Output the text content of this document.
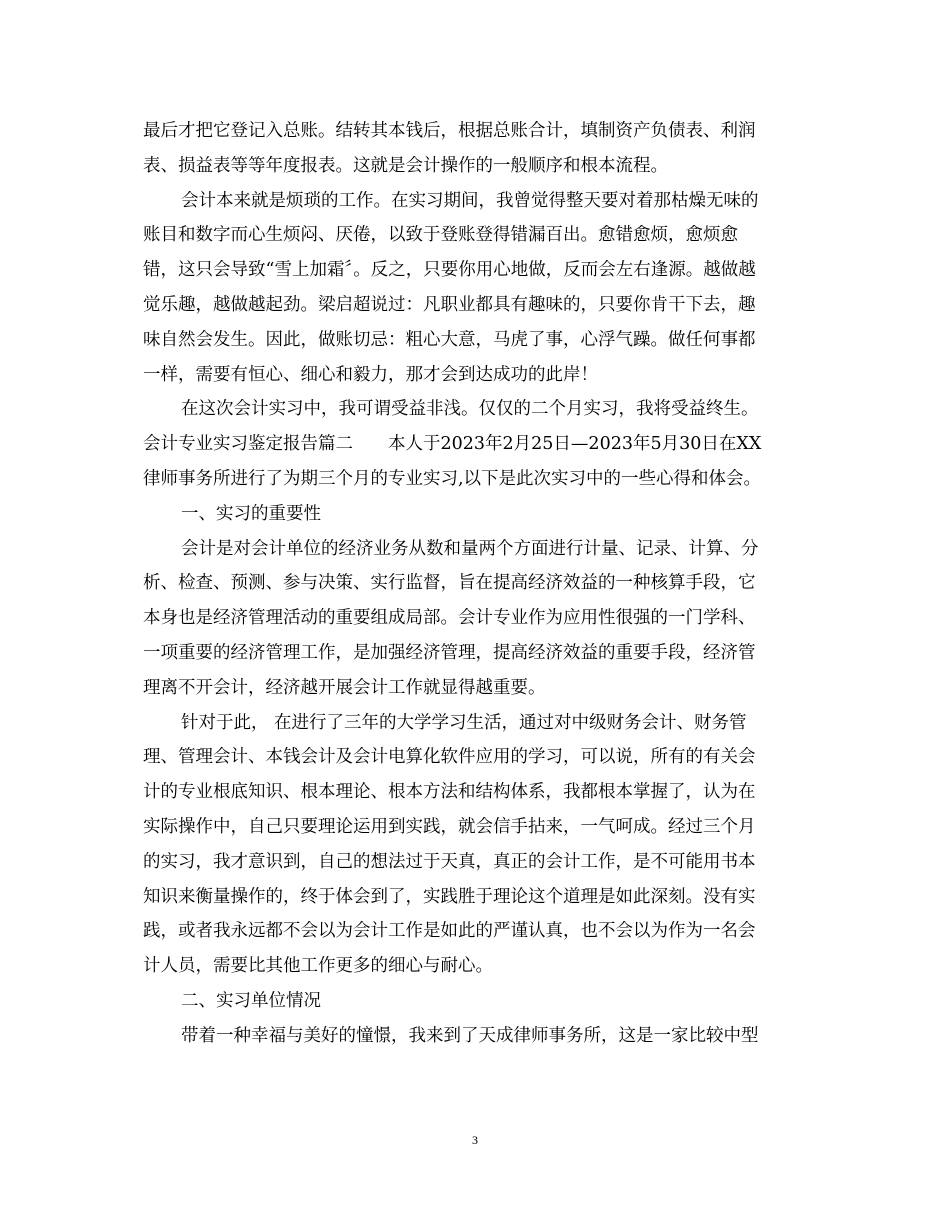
最后才把它登记入总账。结转其本钱后，根据总账合计，填制资产负债表、利润
表、损益表等等年度报表。这就是会计操作的一般顺序和根本流程。
会计本来就是烦琐的工作。在实习期间，我曾觉得整天要对着那枯燥无味的
账目和数字而心生烦闷、厌倦，以致于登账登得错漏百出。愈错愈烦，愈烦愈
错，这只会导致“雪上加霜〞。反之，只要你用心地做，反而会左右逢源。越做越
觉乐趣，越做越起劲。梁启超说过：凡职业都具有趣味的，只要你肯干下去，趣
味自然会发生。因此，做账切忌：粗心大意，马虎了事，心浮气躁。做任何事都
一样，需要有恒心、细心和毅力，那才会到达成功的此岸！
在这次会计实习中，我可谓受益非浅。仅仅的二个月实习，我将受益终生。
会计专业实习鉴定报告篇二　　本人于2023年2月25日—2023年5月30日在XX
律师事务所进行了为期三个月的专业实习,以下是此次实习中的一些心得和体会。
一、实习的重要性
会计是对会计单位的经济业务从数和量两个方面进行计量、记录、计算、分
析、检查、预测、参与决策、实行监督，旨在提高经济效益的一种核算手段，它
本身也是经济管理活动的重要组成局部。会计专业作为应用性很强的一门学科、
一项重要的经济管理工作，是加强经济管理，提高经济效益的重要手段，经济管
理离不开会计，经济越开展会计工作就显得越重要。
针对于此， 在进行了三年的大学学习生活，通过对中级财务会计、财务管
理、管理会计、本钱会计及会计电算化软件应用的学习，可以说，所有的有关会
计的专业根底知识、根本理论、根本方法和结构体系，我都根本掌握了，认为在
实际操作中，自己只要理论运用到实践，就会信手拈来，一气呵成。经过三个月
的实习，我才意识到，自己的想法过于天真，真正的会计工作，是不可能用书本
知识来衡量操作的，终于体会到了，实践胜于理论这个道理是如此深刻。没有实
践，或者我永远都不会以为会计工作是如此的严谨认真，也不会以为作为一名会
计人员，需要比其他工作更多的细心与耐心。
二、实习单位情况
带着一种幸福与美好的憧憬，我来到了天成律师事务所，这是一家比较中型
3
